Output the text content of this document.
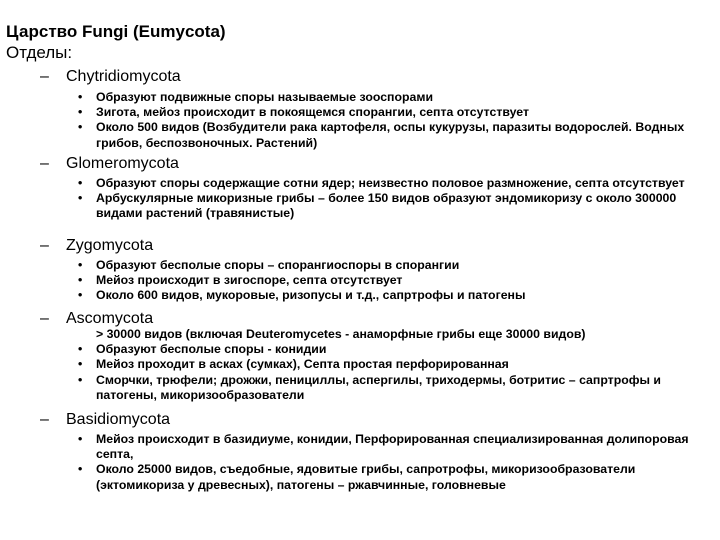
Царство Fungi (Eumycota)
Отделы:
– Chytridiomycota
• Образуют подвижные споры называемые зооспорами
• Зигота, мейоз происходит в покоящемся спорангии, септа отсутствует
• Около 500 видов (Возбудители рака картофеля, оспы кукурузы, паразиты водорослей. Водных грибов, беспозвоночных. Растений)
– Glomeromycota
• Образуют споры содержащие сотни ядер; неизвестно половое размножение, септа отсутствует
• Арбускулярные микоризные грибы – более 150 видов образуют эндомикоризу с около 300000 видами растений (травянистые)
– Zygomycota
• Образуют бесполые споры – спорангиоспоры в спорангии
• Мейоз происходит в зигоспоре, септа отсутствует
• Около 600 видов, мукоровые, ризопусы и т.д., сапртрофы и патогены
– Ascomycota
> 30000 видов (включая Deuteromycetes - анаморфные грибы еще 30000 видов)
• Образуют бесполые споры - конидии
• Мейоз проходит в асках (сумках), Септа простая перфорированная
• Сморчки, трюфели; дрожжи, пенициллы, аспергилы, триходермы, ботритис – сапртрофы и патогены, микоризообразователи
– Basidiomycota
• Мейоз происходит в базидиуме, конидии, Перфорированная специализированная долипоровая септа,
• Около 25000 видов, съедобные, ядовитые грибы, сапротрофы, микоризообразователи (эктомикориза у древесных), патогены – ржавчинные, головневые
